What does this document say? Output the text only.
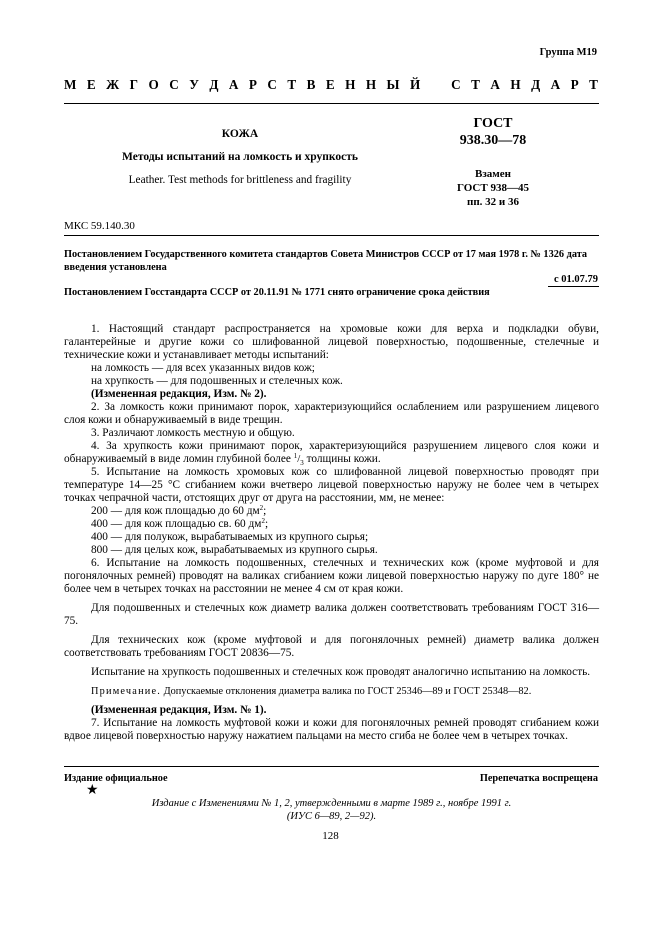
Группа М19
М Е Ж Г О С У Д А Р С Т В Е Н Н Ы Й С Т А Н Д А Р Т
КОЖА
Методы испытаний на ломкость и хрупкость
Leather. Test methods for brittleness and fragility
ГОСТ
938.30—78
Взамен
ГОСТ 938—45
пп. 32 и 36
МКС 59.140.30
Постановлением Государственного комитета стандартов Совета Министров СССР от 17 мая 1978 г. № 1326 дата введения установлена
с 01.07.79
Постановлением Госстандарта СССР от 20.11.91 № 1771 снято ограничение срока действия

1. Настоящий стандарт распространяется на хромовые кожи для верха и подкладки обуви, галантерейные и другие кожи со шлифованной лицевой поверхностью, подошвенные, стелечные и технические кожи и устанавливает методы испытаний:

на ломкость — для всех указанных видов кож;

на хрупкость — для подошвенных и стелечных кож.

(Измененная редакция, Изм. № 2).

2. За ломкость кожи принимают порок, характеризующийся ослаблением или разрушением лицевого слоя кожи и обнаруживаемый в виде трещин.

3. Различают ломкость местную и общую.

4. За хрупкость кожи принимают порок, характеризующийся разрушением лицевого слоя кожи и обнаруживаемый в виде ломин глубиной более $^1/_3$ толщины кожи.

5. Испытание на ломкость хромовых кож со шлифованной лицевой поверхностью проводят при температуре 14—25 °С сгибанием кожи вчетверо лицевой поверхностью наружу не более чем в четырех точках чепрачной части, отстоящих друг от друга на расстоянии, мм, не менее:

200 — для кож площадью до 60 $дм^2$;

400 — для кож площадью св. 60 $дм^2$;

400 — для полукож, вырабатываемых из крупного сырья;

800 — для целых кож, вырабатываемых из крупного сырья.

6. Испытание на ломкость подошвенных, стелечных и технических кож (кроме муфтовой и для погонялочных ремней) проводят на валиках сгибанием кожи лицевой поверхностью наружу по дуге 180° не более чем в четырех точках на расстоянии не менее 4 см от края кожи.

Для подошвенных и стелечных кож диаметр валика должен соответствовать требованиям ГОСТ 316—75.

Для технических кож (кроме муфтовой и для погонялочных ремней) диаметр валика должен соответствовать требованиям ГОСТ 20836—75.

Испытание на хрупкость подошвенных и стелечных кож проводят аналогично испытанию на ломкость.

Примечание. Допускаемые отклонения диаметра валика по ГОСТ 25346—89 и ГОСТ 25348—82.

(Измененная редакция, Изм. № 1).

7. Испытание на ломкость муфтовой кожи и кожи для погонялочных ремней проводят сгибанием кожи вдвое лицевой поверхностью наружу нажатием пальцами на место сгиба не более чем в четырех точках.

Издание официальное	Перепечатка воспрещена
★
Издание с Изменениями № 1, 2, утвержденными в марте 1989 г., ноябре 1991 г.
(ИУС 6—89, 2—92).
128
